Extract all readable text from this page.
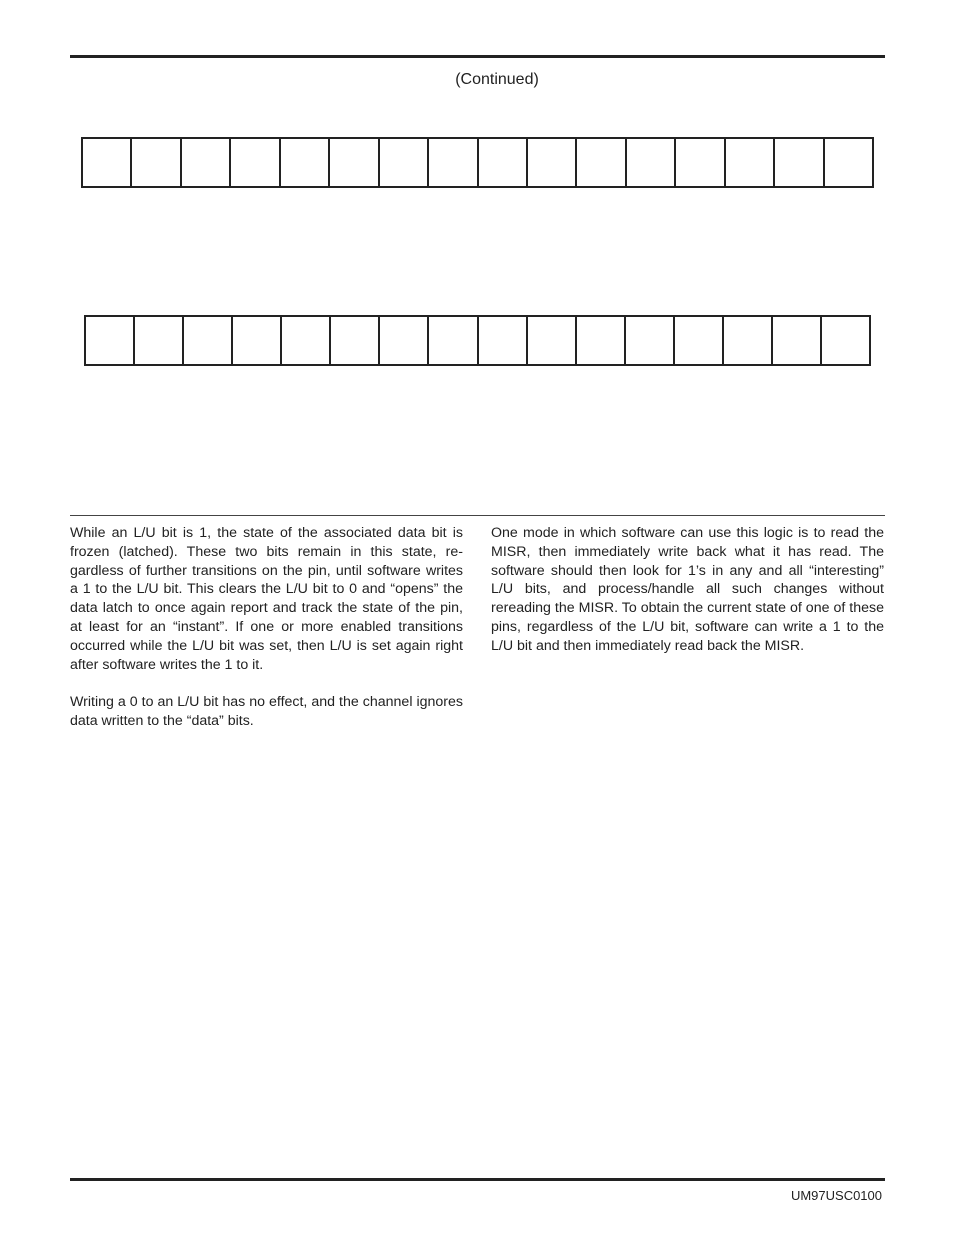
(Continued)

While an L/U bit is 1, the state of the associated data bit is frozen (latched). These two bits remain in this state, re-gardless of further transitions on the pin, until software writes a 1 to the L/U bit. This clears the L/U bit to 0 and “opens” the data latch to once again report and track the state of the pin, at least for an “instant”. If one or more enabled transitions occurred while the L/U bit was set, then L/U is set again right after software writes the 1 to it.

Writing a 0 to an L/U bit has no effect, and the channel ignores data written to the “data” bits.

One mode in which software can use this logic is to read the MISR, then immediately write back what it has read. The software should then look for 1’s in any and all “interesting” L/U bits, and process/handle all such changes without rereading the MISR. To obtain the current state of one of these pins, regardless of the L/U bit, software can write a 1 to the L/U bit and then immediately read back the MISR.

UM97USC0100
